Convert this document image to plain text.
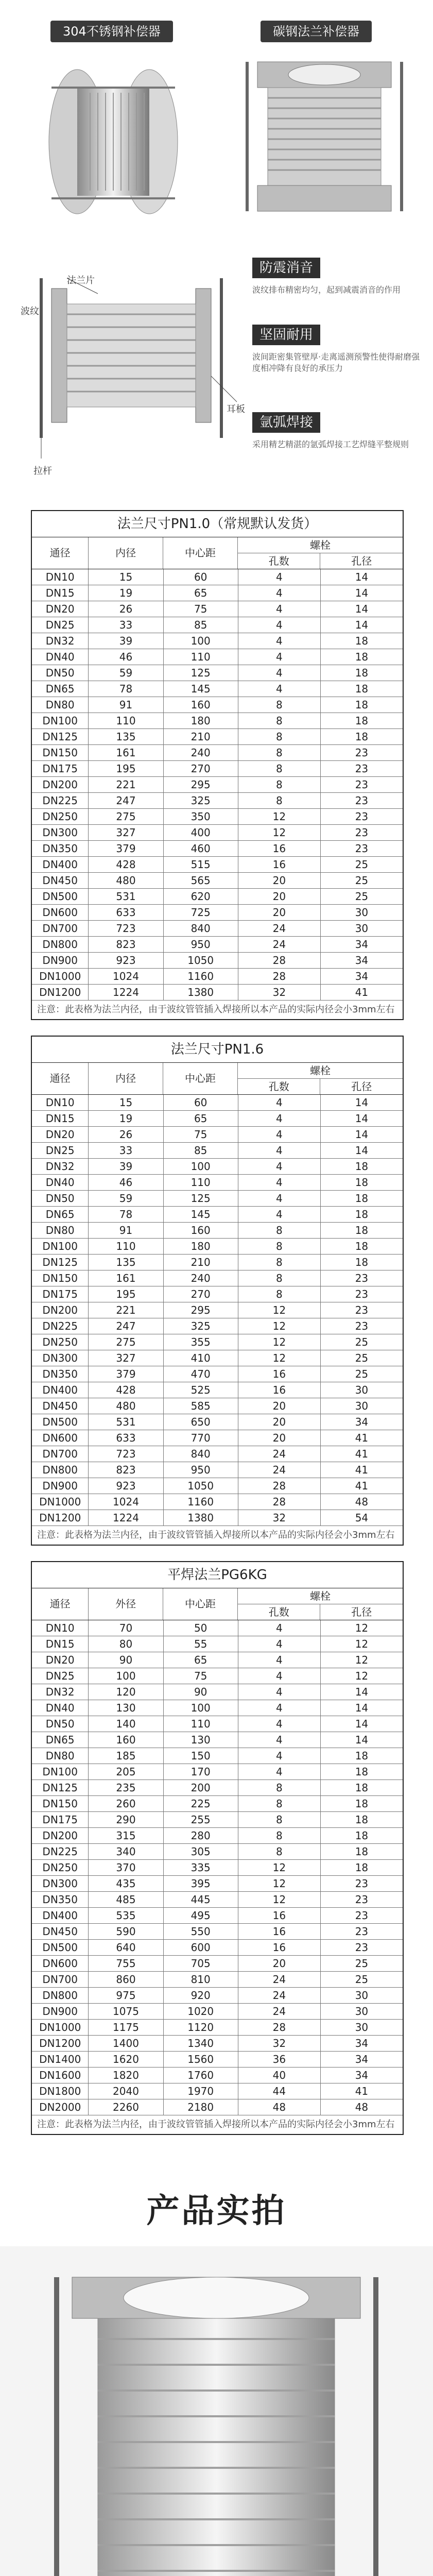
304不锈钢补偿器	碳钢法兰补偿器
法兰片
波纹
耳板
拉杆
防震消音
波纹排布精密均匀，起到减震消音的作用
坚固耐用
波间距密集管壁厚·走离遥测预警性使得耐磨强度相冲降有良好的承压力
氩弧焊接
采用精艺精湛的氩弧焊接工艺焊缝平整规则
法兰尺寸PN1.0（常规默认发货）
通径	内径	中心距
螺栓
孔数	孔径
DN10	15	60	4	14
DN15	19	65	4	14
DN20	26	75	4	14
DN25	33	85	4	14
DN32	39	100	4	18
DN40	46	110	4	18
DN50	59	125	4	18
DN65	78	145	4	18
DN80	91	160	8	18
DN100	110	180	8	18
DN125	135	210	8	18
DN150	161	240	8	23
DN175	195	270	8	23
DN200	221	295	8	23
DN225	247	325	8	23
DN250	275	350	12	23
DN300	327	400	12	23
DN350	379	460	16	23
DN400	428	515	16	25
DN450	480	565	20	25
DN500	531	620	20	25
DN600	633	725	20	30
DN700	723	840	24	30
DN800	823	950	24	34
DN900	923	1050	28	34
DN1000	1024	1160	28	34
DN1200	1224	1380	32	41
注意：此表格为法兰内径，由于波纹管管插入焊接所以本产品的实际内径会小3mm左右
法兰尺寸PN1.6
通径	内径	中心距
螺栓
孔数	孔径
DN10	15	60	4	14
DN15	19	65	4	14
DN20	26	75	4	14
DN25	33	85	4	14
DN32	39	100	4	18
DN40	46	110	4	18
DN50	59	125	4	18
DN65	78	145	4	18
DN80	91	160	8	18
DN100	110	180	8	18
DN125	135	210	8	18
DN150	161	240	8	23
DN175	195	270	8	23
DN200	221	295	12	23
DN225	247	325	12	23
DN250	275	355	12	25
DN300	327	410	12	25
DN350	379	470	16	25
DN400	428	525	16	30
DN450	480	585	20	30
DN500	531	650	20	34
DN600	633	770	20	41
DN700	723	840	24	41
DN800	823	950	24	41
DN900	923	1050	28	41
DN1000	1024	1160	28	48
DN1200	1224	1380	32	54
注意：此表格为法兰内径，由于波纹管管插入焊接所以本产品的实际内径会小3mm左右
平焊法兰PG6KG
通径	外径	中心距
螺栓
孔数	孔径
DN10	70	50	4	12
DN15	80	55	4	12
DN20	90	65	4	12
DN25	100	75	4	12
DN32	120	90	4	14
DN40	130	100	4	14
DN50	140	110	4	14
DN65	160	130	4	14
DN80	185	150	4	18
DN100	205	170	4	18
DN125	235	200	8	18
DN150	260	225	8	18
DN175	290	255	8	18
DN200	315	280	8	18
DN225	340	305	8	18
DN250	370	335	12	18
DN300	435	395	12	23
DN350	485	445	12	23
DN400	535	495	16	23
DN450	590	550	16	23
DN500	640	600	16	23
DN600	755	705	20	25
DN700	860	810	24	25
DN800	975	920	24	30
DN900	1075	1020	24	30
DN1000	1175	1120	28	30
DN1200	1400	1340	32	34
DN1400	1620	1560	36	34
DN1600	1820	1760	40	34
DN1800	2040	1970	44	41
DN2000	2260	2180	48	48
注意：此表格为法兰内径，由于波纹管管插入焊接所以本产品的实际内径会小3mm左右
产品实拍
